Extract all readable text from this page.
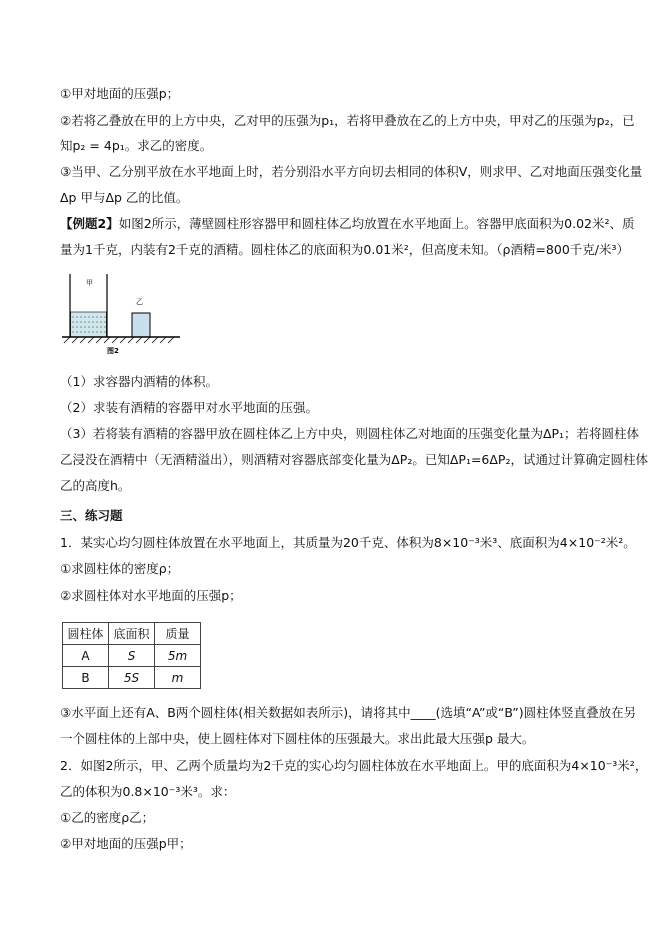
①甲对地面的压强p；
②若将乙叠放在甲的上方中央，乙对甲的压强为p₁，若将甲叠放在乙的上方中央，甲对乙的压强为p₂，已
知p₂ = 4p₁。求乙的密度。
③当甲、乙分别平放在水平地面上时，若分别沿水平方向切去相同的体积V，则求甲、乙对地面压强变化量
Δp 甲与Δp 乙的比值。
【例题2】如图2所示，薄壁圆柱形容器甲和圆柱体乙均放置在水平地面上。容器甲底面积为0.02米²、质
量为1千克，内装有2千克的酒精。圆柱体乙的底面积为0.01米²，但高度未知。（ρ酒精=800千克/米³）
甲
乙
图2
（1）求容器内酒精的体积。
（2）求装有酒精的容器甲对水平地面的压强。
（3）若将装有酒精的容器甲放在圆柱体乙上方中央，则圆柱体乙对地面的压强变化量为ΔP₁；若将圆柱体
乙浸没在酒精中（无酒精溢出），则酒精对容器底部变化量为ΔP₂。已知ΔP₁=6ΔP₂，试通过计算确定圆柱体
乙的高度h。
三、练习题
1．某实心均匀圆柱体放置在水平地面上，其质量为20千克、体积为8×10⁻³米³、底面积为4×10⁻²米²。
①求圆柱体的密度ρ；
②求圆柱体对水平地面的压强p；
圆柱体	底面积	质量
A	S	5m
B	5S	m
③水平面上还有A、B两个圆柱体(相关数据如表所示)，请将其中____(选填“A”或“B”)圆柱体竖直叠放在另
一个圆柱体的上部中央，使上圆柱体对下圆柱体的压强最大。求出此最大压强p 最大。
2．如图2所示，甲、乙两个质量均为2千克的实心均匀圆柱体放在水平地面上。甲的底面积为4×10⁻³米²，
乙的体积为0.8×10⁻³米³。求：
①乙的密度ρ乙；
②甲对地面的压强p甲；
